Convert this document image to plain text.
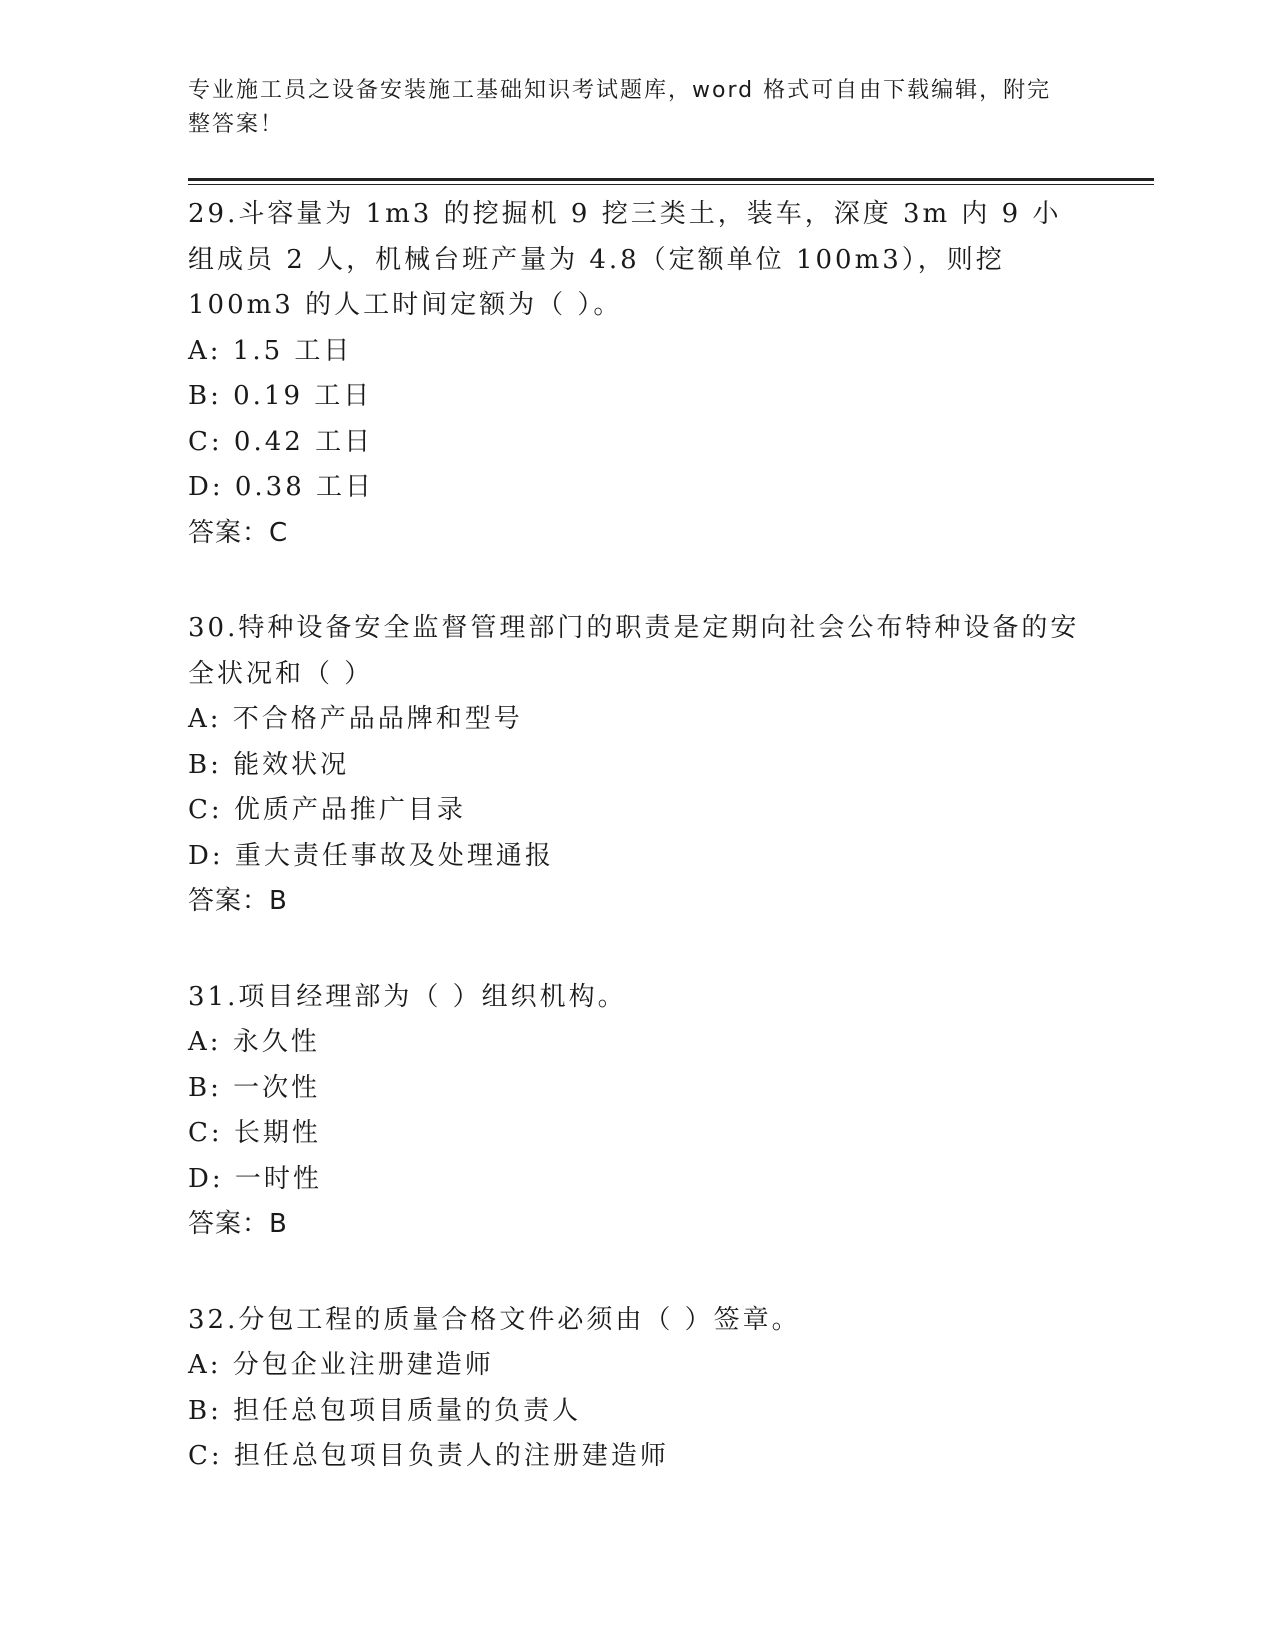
专业施工员之设备安装施工基础知识考试题库，word 格式可自由下载编辑，附完整答案！

29.斗容量为 1m3 的挖掘机 9 挖三类土，装车，深度 3m 内 9 小组成员 2 人，机械台班产量为 4.8（定额单位 100m3），则挖 100m3 的人工时间定额为（ ）。

A: 1.5 工日

B: 0.19 工日

C: 0.42 工日

D: 0.38 工日

答案：C

30.特种设备安全监督管理部门的职责是定期向社会公布特种设备的安全状况和（ ）

A: 不合格产品品牌和型号

B: 能效状况

C: 优质产品推广目录

D: 重大责任事故及处理通报

答案：B

31.项目经理部为（ ）组织机构。

A: 永久性

B: 一次性

C: 长期性

D: 一时性

答案：B

32.分包工程的质量合格文件必须由（ ）签章。

A: 分包企业注册建造师

B: 担任总包项目质量的负责人

C: 担任总包项目负责人的注册建造师
